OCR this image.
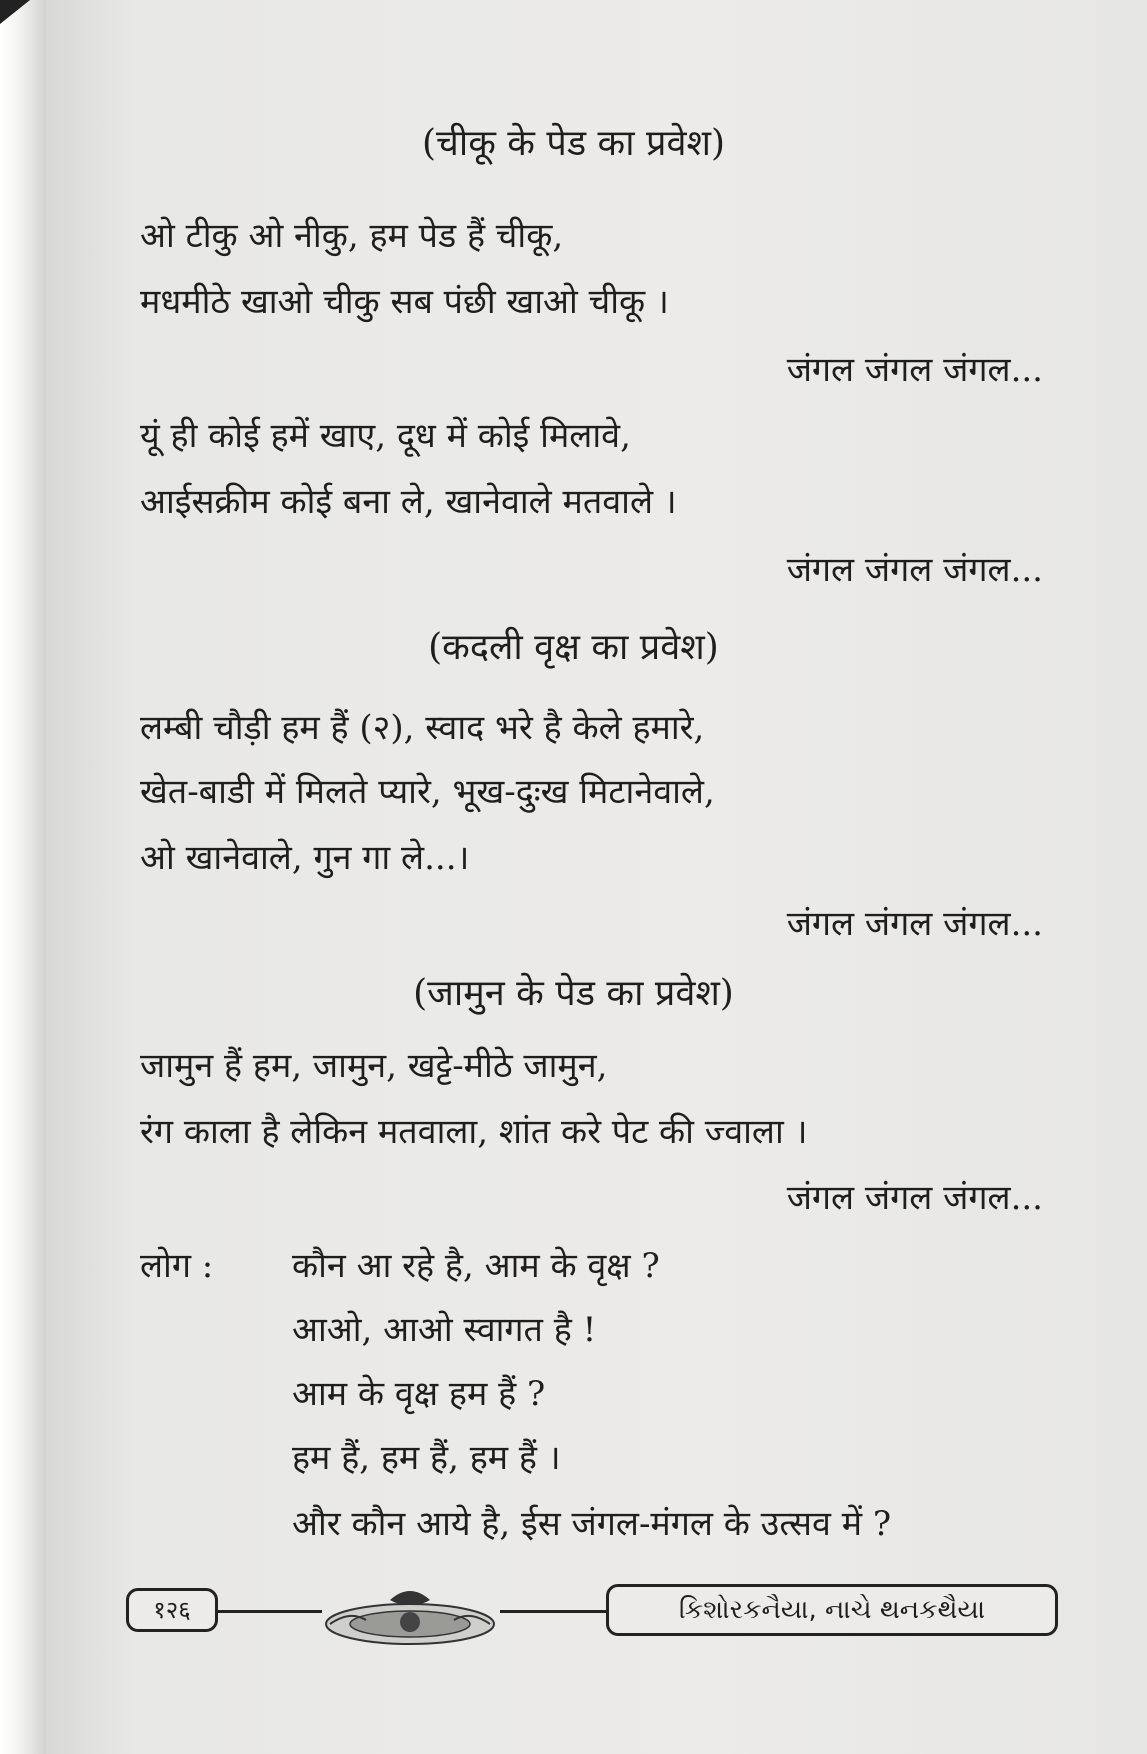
(चीकू के पेड का प्रवेश)

ओ टीकु ओ नीकु, हम पेड हैं चीकू,

मधमीठे खाओ चीकु सब पंछी खाओ चीकू ।

जंगल जंगल जंगल...

यूं ही कोई हमें खाए, दूध में कोई मिलावे,

आईसक्रीम कोई बना ले, खानेवाले मतवाले ।

जंगल जंगल जंगल...

(कदली वृक्ष का प्रवेश)

लम्बी चौड़ी हम हैं (२), स्वाद भरे है केले हमारे,

खेत-बाडी में मिलते प्यारे, भूख-दुःख मिटानेवाले,

ओ खानेवाले, गुन गा ले...।

जंगल जंगल जंगल...

(जामुन के पेड का प्रवेश)

जामुन हैं हम, जामुन, खट्टे-मीठे जामुन,

रंग काला है लेकिन मतवाला, शांत करे पेट की ज्वाला ।

जंगल जंगल जंगल...

लोग : कौन आ रहे है, आम के वृक्ष ?

आओ, आओ स्वागत है !

आम के वृक्ष हम हैं ?

हम हैं, हम हैं, हम हैं ।

और कौन आये है, ईस जंगल-मंगल के उत्सव में ?

१२६	કિશોરકનૈયા, નાચે થનકથૈયા
